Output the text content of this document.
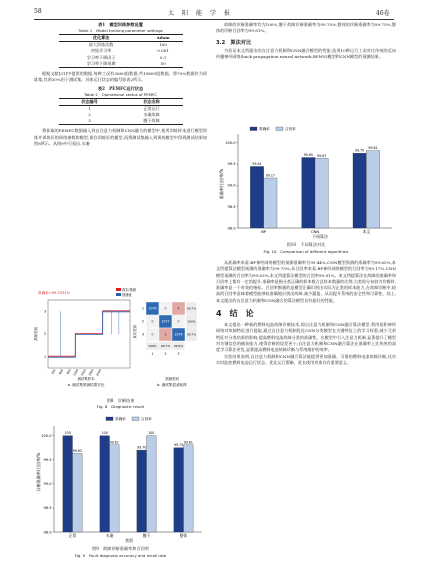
58	太　阳　能　学　报	46卷
表1　模型训练参数设置
Table 1　Model training parameter settings
优化算法	Adam
最大训练次数	100
初始学习率	0.001
学习率下降因子	0.1
学习率下降周期	50

根据文献[31]中提供的数据,每种工况有3600组数据,共10800组数据。将70%数据作为训练集,其余30%用于测试集。具体运行状态的编号如表2所示。

表2　PEMFC运行状态
Table 2　Operational status of PEMFC
状态编号	状态名称
1	正常运行
2	水淹故障
3	膜干故障

将获取的PEMFC数据输入到自注意力机制和CNN融合的模型中,使用训练样本进行模型训练并训练好的网络参数和模型,保存训练好的模型;再将测试集输入到训练模型中得到测试结果如图8所示。从图9中可看出,水淹

1
2
3
300 600 900 1200 1500 1800 2100
1076	0	4	99.7%
1
0	1077	0	100%
2
0	3	1076 99.7%
3
100%
1
99.7%
2
99.6%
3
准确率=99.7531%
真实/预测
预测值
故障类别
测试集样本
a. 测试集预测结果对比
真实类别
预测类别
b. 测试集混淆矩阵
图8　诊断结果
Fig. 8　Diagnostic result
98.0
98.5
99.0
99.5
100.0
100
99.63
正常
100
99.81
水淹
99.70
100
膜干
99.75
99.81
整体
准确率	召回率
诊断准确率/召回率/%
类别
图9　故障诊断准确率和召回率
Fig. 9　Fault diagnosis accuracy and recall rate

故障的诊断准确率均为100%,膜干故障诊断准确率为99.70%,整体的诊断准确率为99.75%,整体的诊断召回率为99.81%。

3.2　算法对比

为验证本文所提出的自注意力机制和CNN融合模型的性能,选用10种运行工况对比传统的反向传播神经网络(back propagation neural network,BPNN)模型和CNN模型的预测结果。

98.0
98.5
99.0
99.5
100.0
99.44
99.17
BP
99.65 99.63
CNN
99.75
99.81
本文
准确率	召回率
准确率/召回率/%
不同算法
图10　不同算法对比
Fig. 10　Comparison of different algorithms

从准确率来看,BP神经网络模型的预测准确率为99.44%,CNN模型预测的准确率为99.65%,本文所提算法模型预测的准确率为99.75%;从召回率来看,BP神经网络模型的召回率为99.17%,CNN模型预测的召回率为99.63%,本文所提算法模型的召回率99.81%。本文所提算法在故障的准确率和召回率上都有一定的提升,准确率是指分类正确的样本数占总样本数量的比例,当类别分布较为均衡时,准确率是一个有效的指标。召回率衡量的是模型正确识别出实际为正类的样本能力,在故障诊断中,较高的召回率意味着模型能够较准确地识别出故障,减少漏报。从而提升系统的安全性和可靠性。综上,本文提出的自注意力机制和CNN融合的算法模型具有最好的性能。

4　结　论

本文提出一种新的燃料电池故障诊断技术,即自注意力机制和CNN融合算法模型,利用卷积神经网络对故障特征进行提取,通过自注意力机制优化CNN分类模型在关键特征上的学习权重,减少冗余特征对分类结果的影响,提高燃料电池故障分类的准确性。在模型中引入注意力机制,显著提升了模型对关键信息的捕获能力,使得诊断的误差更小;自注意力机制和CNN融合算法在准确率上比传统的深度学习算法更优,显著提高燃料电池故障诊断与系统维护的效率。

实验结果表明,自注意力机制和CNN融合算法能提供更加准确、可靠的燃料电池故障诊断,这对实时监控燃料电池运行状态、优化运行策略、延长使用寿命具有重要意义。
